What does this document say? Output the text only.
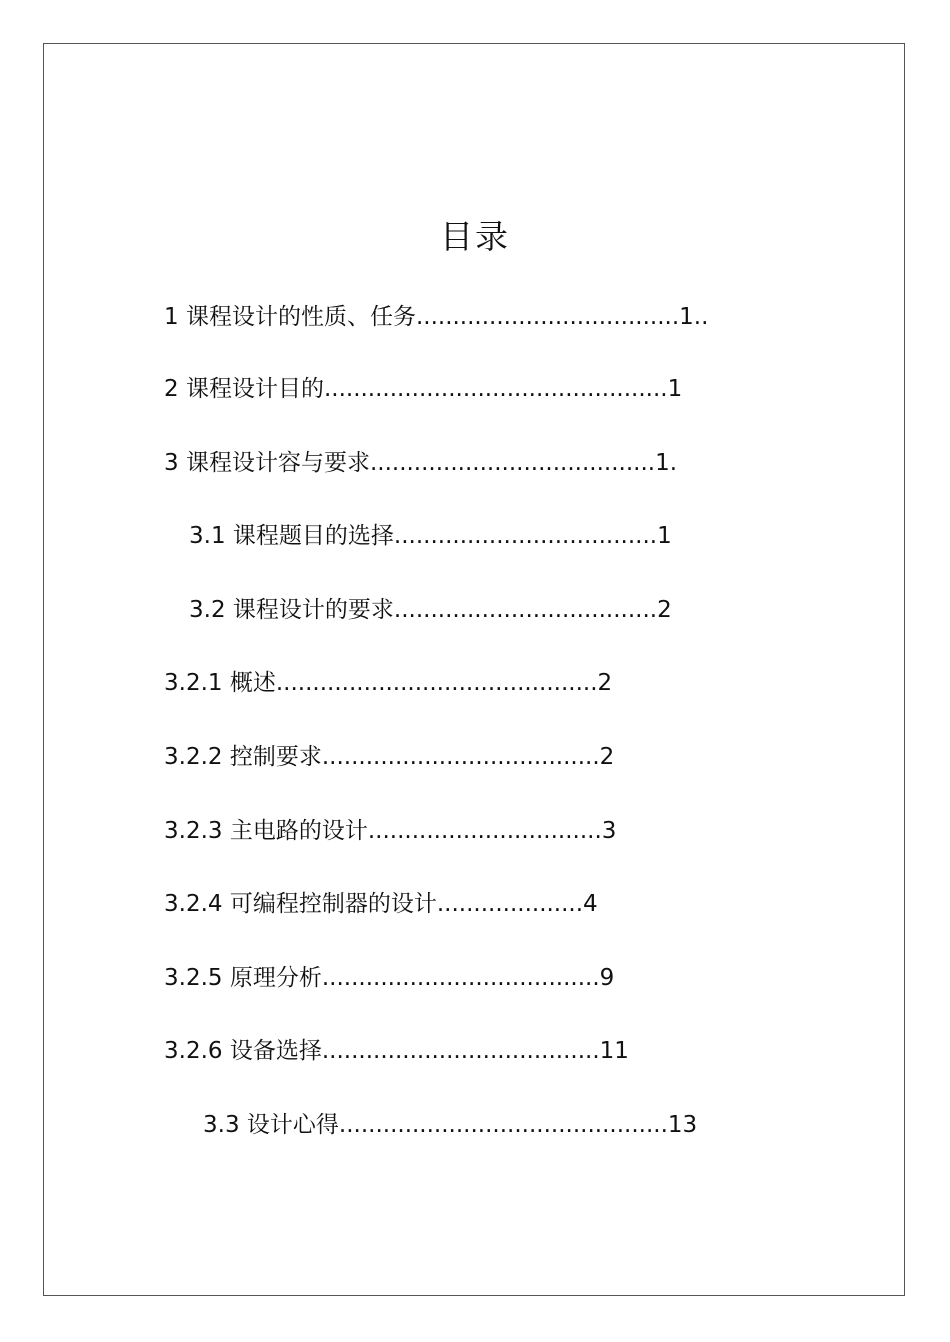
目录
1 课程设计的性质、任务....................................1..
2 课程设计目的...............................................1
3 课程设计容与要求.......................................1.
3.1 课程题目的选择....................................1
3.2 课程设计的要求....................................2
3.2.1 概述............................................2
3.2.2 控制要求......................................2
3.2.3 主电路的设计................................3
3.2.4 可编程控制器的设计....................4
3.2.5 原理分析......................................9
3.2.6 设备选择......................................11
3.3 设计心得.............................................13
